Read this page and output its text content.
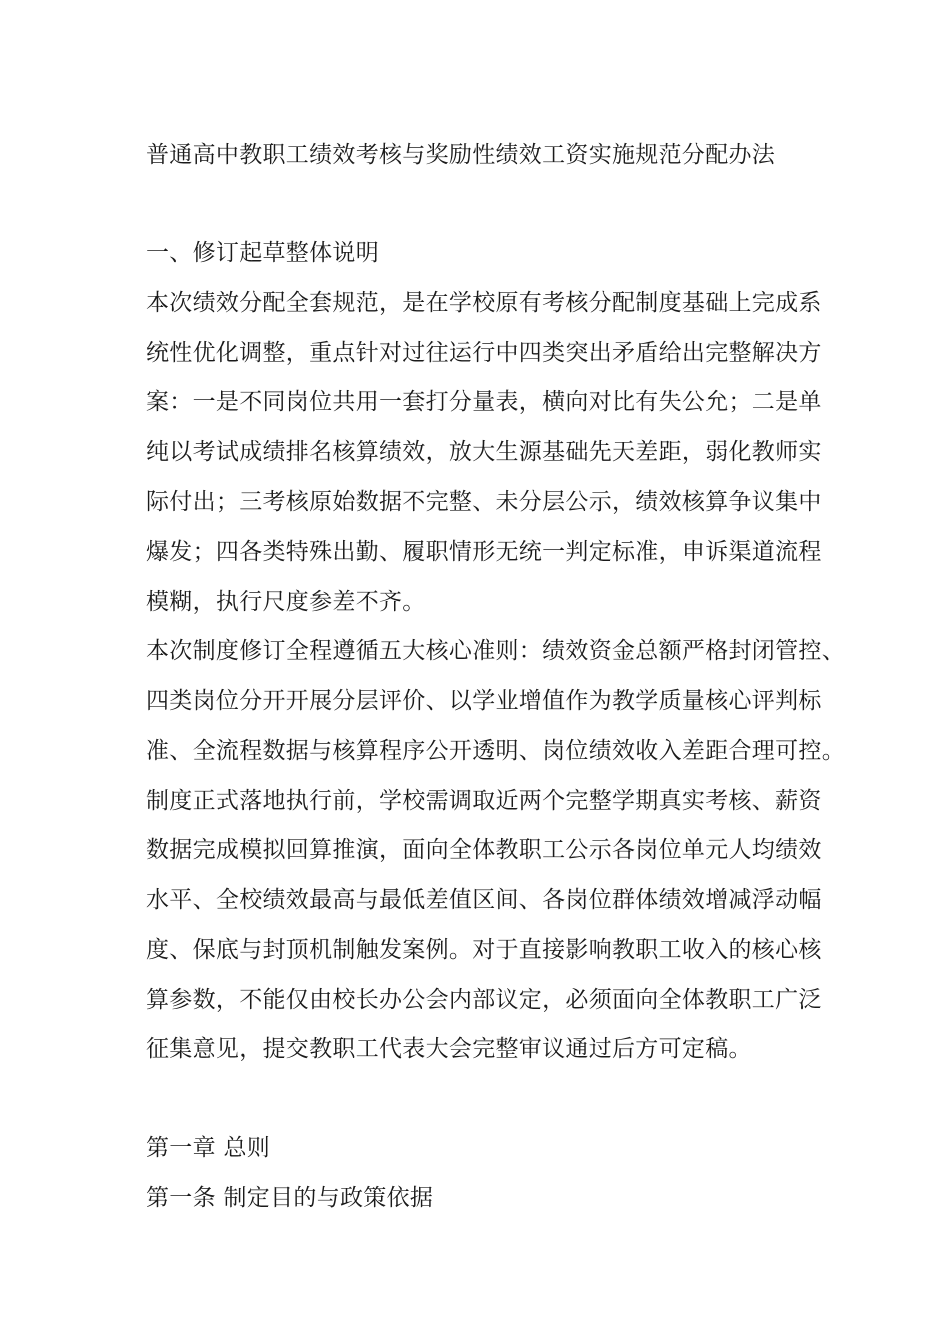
普通高中教职工绩效考核与奖励性绩效工资实施规范分配办法
一、修订起草整体说明
本次绩效分配全套规范，是在学校原有考核分配制度基础上完成系
统性优化调整，重点针对过往运行中四类突出矛盾给出完整解决方
案：一是不同岗位共用一套打分量表，横向对比有失公允；二是单
纯以考试成绩排名核算绩效，放大生源基础先天差距，弱化教师实
际付出；三考核原始数据不完整、未分层公示，绩效核算争议集中
爆发；四各类特殊出勤、履职情形无统一判定标准，申诉渠道流程
模糊，执行尺度参差不齐。
本次制度修订全程遵循五大核心准则：绩效资金总额严格封闭管控、
四类岗位分开开展分层评价、以学业增值作为教学质量核心评判标
准、全流程数据与核算程序公开透明、岗位绩效收入差距合理可控。
制度正式落地执行前，学校需调取近两个完整学期真实考核、薪资
数据完成模拟回算推演，面向全体教职工公示各岗位单元人均绩效
水平、全校绩效最高与最低差值区间、各岗位群体绩效增减浮动幅
度、保底与封顶机制触发案例。对于直接影响教职工收入的核心核
算参数，不能仅由校长办公会内部议定，必须面向全体教职工广泛
征集意见，提交教职工代表大会完整审议通过后方可定稿。
第一章 总则
第一条 制定目的与政策依据
